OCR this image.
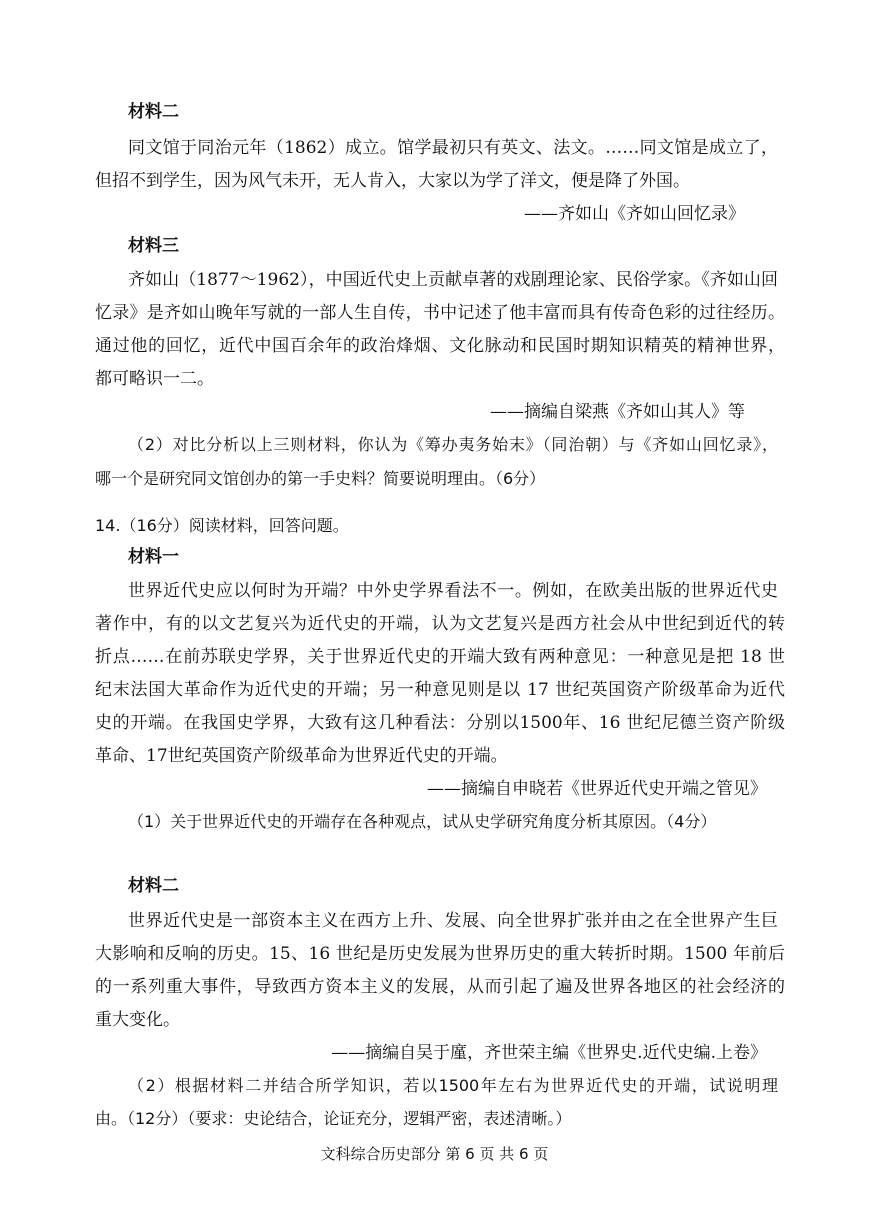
材料二
同文馆于同治元年（1862）成立。馆学最初只有英文、法文。……同文馆是成立了，
但招不到学生，因为风气未开，无人肯入，大家以为学了洋文，便是降了外国。
——齐如山《齐如山回忆录》
材料三
齐如山（1877～1962），中国近代史上贡献卓著的戏剧理论家、民俗学家。《齐如山回
忆录》是齐如山晚年写就的一部人生自传，书中记述了他丰富而具有传奇色彩的过往经历。
通过他的回忆，近代中国百余年的政治烽烟、文化脉动和民国时期知识精英的精神世界，
都可略识一二。
——摘编自梁燕《齐如山其人》等
（2）对比分析以上三则材料，你认为《筹办夷务始末》（同治朝）与《齐如山回忆录》，
哪一个是研究同文馆创办的第一手史料？简要说明理由。（6分）
14.（16分）阅读材料，回答问题。
材料一
世界近代史应以何时为开端？中外史学界看法不一。例如，在欧美出版的世界近代史
著作中，有的以文艺复兴为近代史的开端，认为文艺复兴是西方社会从中世纪到近代的转
折点……在前苏联史学界，关于世界近代史的开端大致有两种意见：一种意见是把 18 世
纪末法国大革命作为近代史的开端；另一种意见则是以 17 世纪英国资产阶级革命为近代
史的开端。在我国史学界，大致有这几种看法：分别以1500年、16 世纪尼德兰资产阶级
革命、17世纪英国资产阶级革命为世界近代史的开端。
——摘编自申晓若《世界近代史开端之管见》
（1）关于世界近代史的开端存在各种观点，试从史学研究角度分析其原因。（4分）
材料二
世界近代史是一部资本主义在西方上升、发展、向全世界扩张并由之在全世界产生巨
大影响和反响的历史。15、16 世纪是历史发展为世界历史的重大转折时期。1500 年前后
的一系列重大事件，导致西方资本主义的发展，从而引起了遍及世界各地区的社会经济的
重大变化。
——摘编自吴于廑，齐世荣主编《世界史.近代史编.上卷》
（2）根据材料二并结合所学知识，若以1500年左右为世界近代史的开端，试说明理
由。（12分）（要求：史论结合，论证充分，逻辑严密，表述清晰。）
文科综合历史部分 第 6 页 共 6 页
